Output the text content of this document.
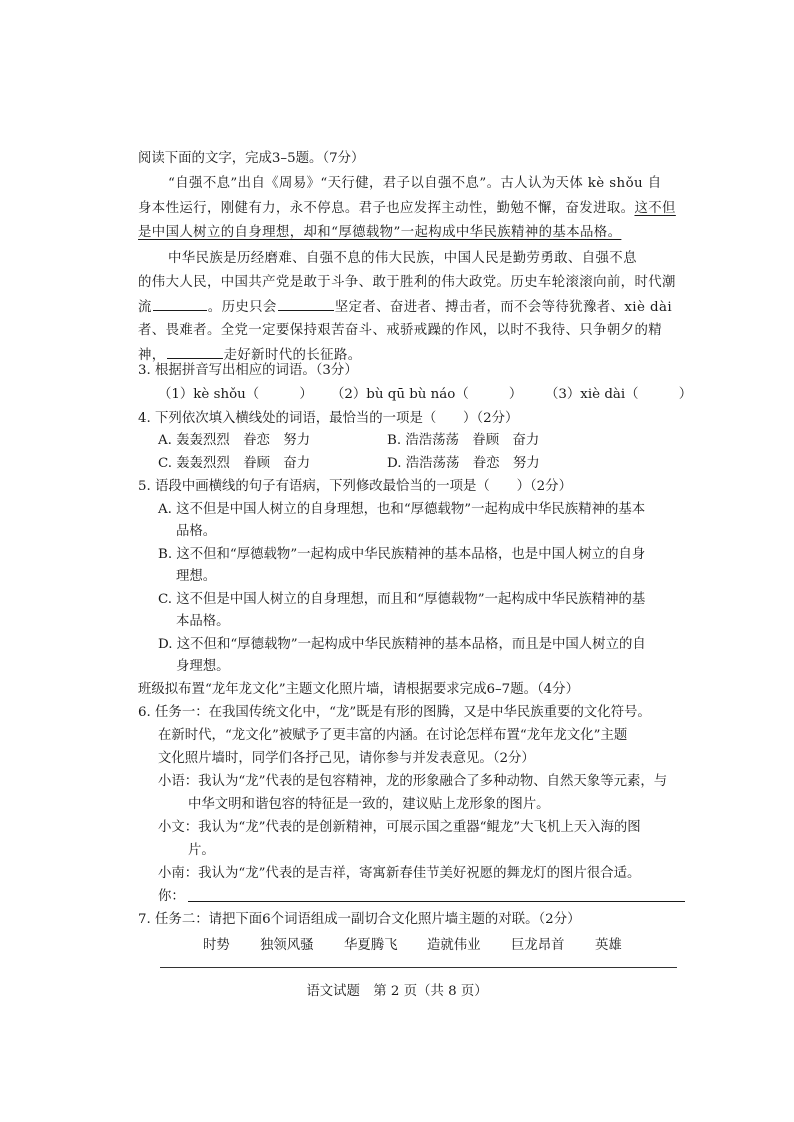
阅读下面的文字，完成3–5题。（7分）
“自强不息”出自《周易》“天行健，君子以自强不息”。古人认为天体 kè shǒu 自
身本性运行，刚健有力，永不停息。君子也应发挥主动性，勤勉不懈，奋发进取。这不但
是中国人树立的自身理想，却和“厚德载物”一起构成中华民族精神的基本品格。
中华民族是历经磨难、自强不息的伟大民族，中国人民是勤劳勇敢、自强不息
的伟大人民，中国共产党是敢于斗争、敢于胜利的伟大政党。历史车轮滚滚向前，时代潮
流	。历史只会	坚定者、奋进者、搏击者，而不会等待犹豫者、xiè dài
者、畏难者。全党一定要保持艰苦奋斗、戒骄戒躁的作风，以时不我待、只争朝夕的精
神，	走好新时代的长征路。
3. 根据拼音写出相应的词语。（3分）
（1）kè shǒu（　　　） （2）bù qū bù náo（　　　） （3）xiè dài（　　　）
4. 下列依次填入横线处的词语，最恰当的一项是（　　）（2分）
A. 轰轰烈烈　眷恋　努力	B. 浩浩荡荡　眷顾　奋力
C. 轰轰烈烈　眷顾　奋力	D. 浩浩荡荡　眷恋　努力
5. 语段中画横线的句子有语病，下列修改最恰当的一项是（　　）（2分）
A. 这不但是中国人树立的自身理想，也和“厚德载物”一起构成中华民族精神的基本
品格。
B. 这不但和“厚德载物”一起构成中华民族精神的基本品格，也是中国人树立的自身
理想。
C. 这不但是中国人树立的自身理想，而且和“厚德载物”一起构成中华民族精神的基
本品格。
D. 这不但和“厚德载物”一起构成中华民族精神的基本品格，而且是中国人树立的自
身理想。
班级拟布置“龙年龙文化”主题文化照片墙，请根据要求完成6–7题。（4分）
6. 任务一：在我国传统文化中，“龙”既是有形的图腾，又是中华民族重要的文化符号。
在新时代，“龙文化”被赋予了更丰富的内涵。在讨论怎样布置“龙年龙文化”主题
文化照片墙时，同学们各抒己见，请你参与并发表意见。（2分）
小语：我认为“龙”代表的是包容精神，龙的形象融合了多种动物、自然天象等元素，与
中华文明和谐包容的特征是一致的，建议贴上龙形象的图片。
小文：我认为“龙”代表的是创新精神，可展示国之重器“鲲龙”大飞机上天入海的图
片。
小南：我认为“龙”代表的是吉祥，寄寓新春佳节美好祝愿的舞龙灯的图片很合适。
你：
7. 任务二：请把下面6个词语组成一副切合文化照片墙主题的对联。（2分）
时势 独领风骚 华夏腾飞 造就伟业 巨龙昂首 英雄
语文试题　第 2 页（共 8 页）
